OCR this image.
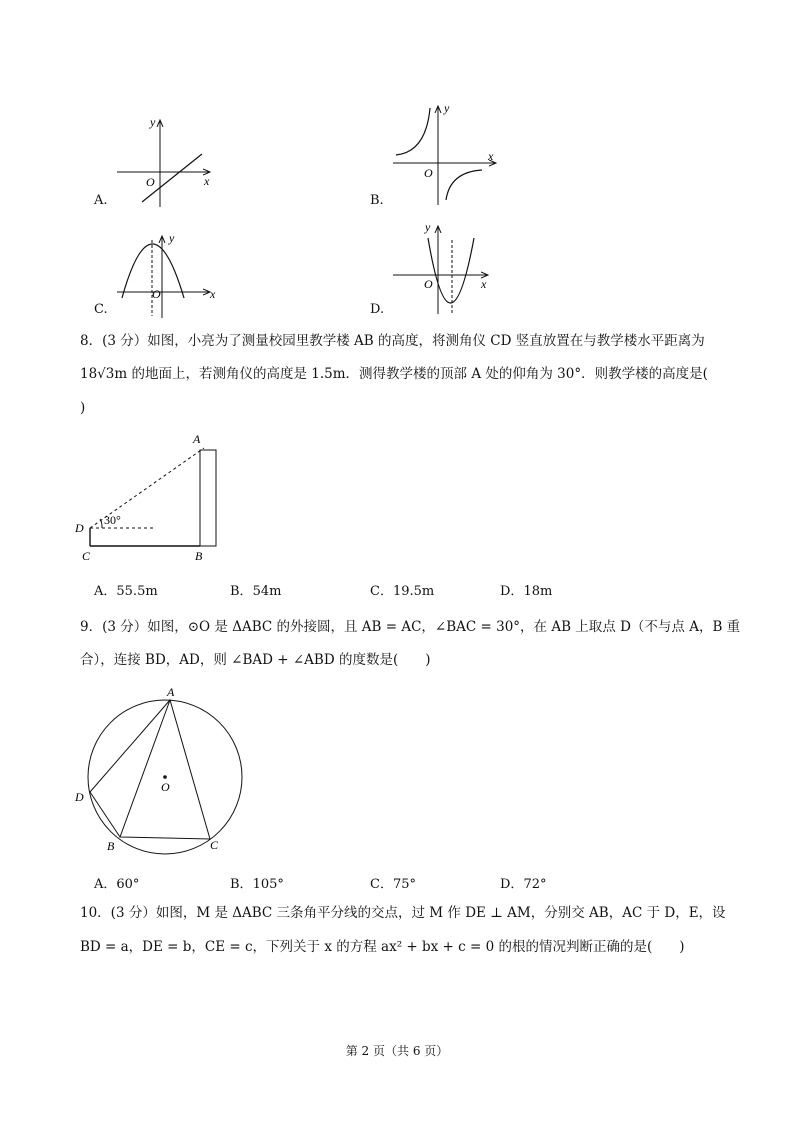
y
x
O
A.
y
x
O
B.
y
x
O
C.
y
x
O
D.
8．(3 分）如图，小亮为了测量校园里教学楼 AB 的高度，将测角仪 CD 竖直放置在与教学楼水平距离为
18√3m 的地面上，若测角仪的高度是 1.5m．测得教学楼的顶部 A 处的仰角为 30°．则教学楼的高度是(
)
30°
A
B
C
D
A．55.5m	B．54m	C．19.5m	D．18m
9．(3 分）如图，⊙O 是 ΔABC 的外接圆，且 AB = AC，∠BAC = 30°，在 AB 上取点 D（不与点 A，B 重
合），连接 BD，AD，则 ∠BAD + ∠ABD 的度数是(　　)
A
B	C
D
O
A．60°	B．105°	C．75°	D．72°
10．(3 分）如图，M 是 ΔABC 三条角平分线的交点，过 M 作 DE ⊥ AM，分别交 AB，AC 于 D，E，设
BD = a，DE = b，CE = c，下列关于 x 的方程 ax² + bx + c = 0 的根的情况判断正确的是(　　)
第 2 页（共 6 页）
